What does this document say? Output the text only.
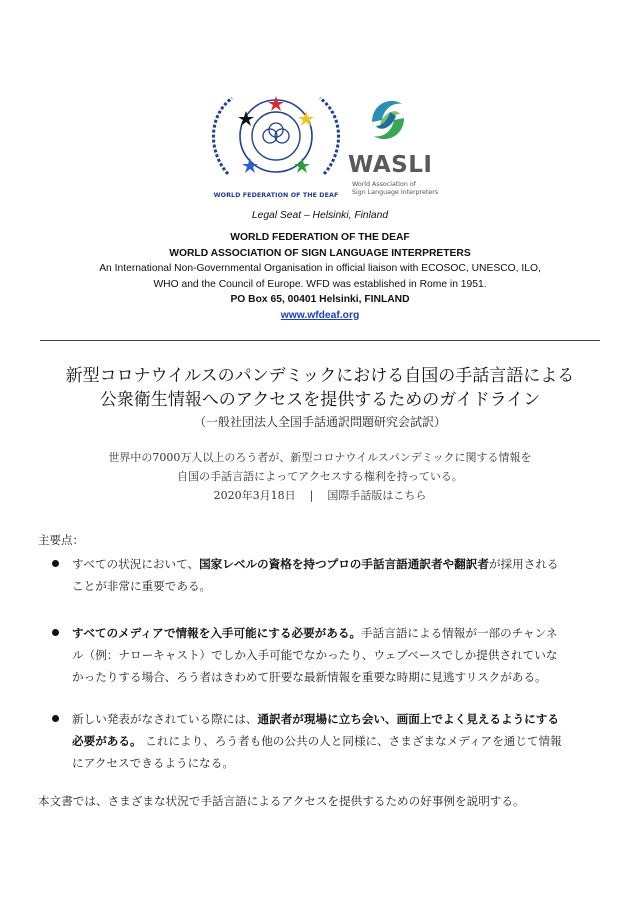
WORLD FEDERATION OF THE DEAF
WASLI
World Association of
Sign Language Interpreters
Legal Seat – Helsinki, Finland
WORLD FEDERATION OF THE DEAF
WORLD ASSOCIATION OF SIGN LANGUAGE INTERPRETERS
An International Non-Governmental Organisation in official liaison with ECOSOC, UNESCO, ILO,
WHO and the Council of Europe. WFD was established in Rome in 1951.
PO Box 65, 00401 Helsinki, FINLAND
www.wfdeaf.org
新型コロナウイルスのパンデミックにおける自国の手話言語による
公衆衛生情報へのアクセスを提供するためのガイドライン
（一般社団法人全国手話通訳問題研究会試訳）
世界中の7000万人以上のろう者が、新型コロナウイルスパンデミックに関する情報を
自国の手話言語によってアクセスする権利を持っている。
2020年3月18日 | 国際手話版はこちら
主要点：
すべての状況において、国家レベルの資格を持つプロの手話言語通訳者や翻訳者が採用される
ことが非常に重要である。
すべてのメディアで情報を入手可能にする必要がある。手話言語による情報が一部のチャンネ
ル（例：ナローキャスト）でしか入手可能でなかったり、ウェブベースでしか提供されていな
かったりする場合、ろう者はきわめて肝要な最新情報を重要な時期に見逃すリスクがある。
新しい発表がなされている際には、通訳者が現場に立ち会い、画面上でよく見えるようにする
必要がある。 これにより、ろう者も他の公共の人と同様に、さまざまなメディアを通じて情報
にアクセスできるようになる。
本文書では、さまざまな状況で手話言語によるアクセスを提供するための好事例を説明する。
